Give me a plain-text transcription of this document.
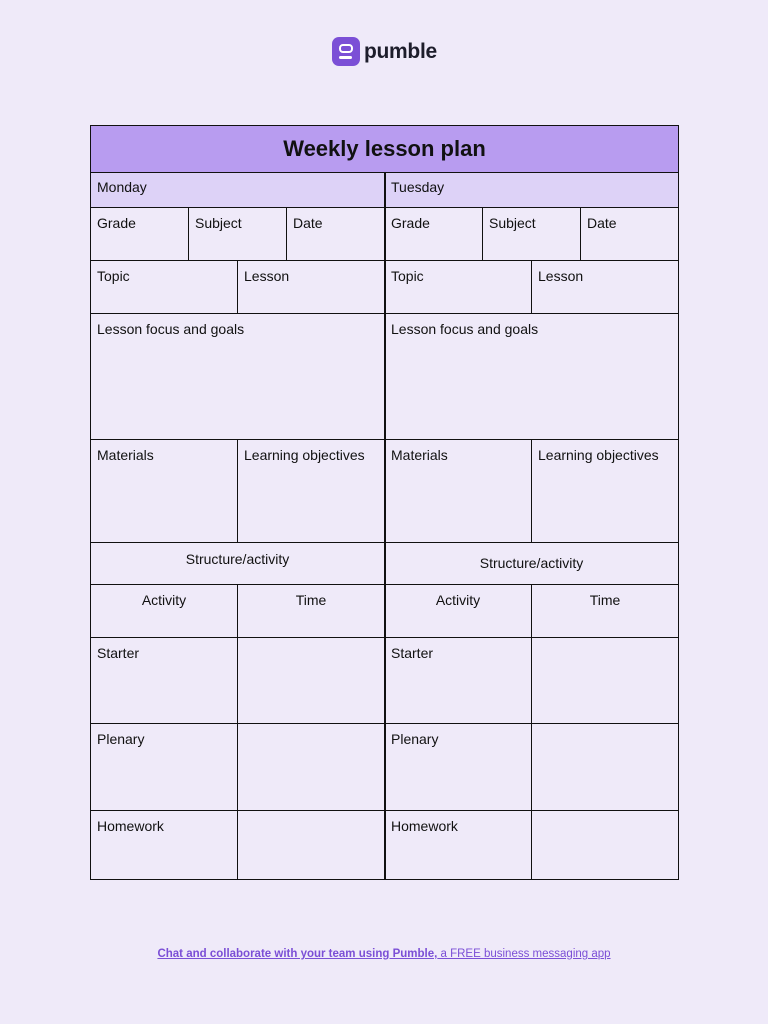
pumble
Weekly lesson plan
Monday
Grade	Subject	Date
Topic	Lesson
Lesson focus and goals
Materials	Learning objectives
Structure/activity
Activity	Time
Starter
Plenary
Homework
Tuesday
Grade	Subject	Date
Topic	Lesson
Lesson focus and goals
Materials	Learning objectives
Structure/activity
Activity	Time
Starter
Plenary
Homework
Chat and collaborate with your team using Pumble, a FREE business messaging app
